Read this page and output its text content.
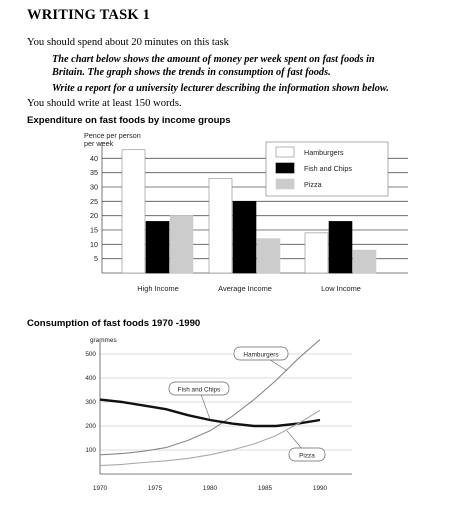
WRITING TASK 1
You should spend about 20 minutes on this task
The chart below shows the amount of money per week spent on fast foods in
Britain. The graph shows the trends in consumption of fast foods.
Write a report for a university lecturer describing the information shown below.
You should write at least 150 words.
Expenditure on fast foods by income groups
Pence per person
per week
5
10
15
20
25
30
35
40
High Income	Average Income	Low Income
Hamburgers
Fish and Chips
Pizza
Consumption of fast foods 1970 -1990
grammes
100
200
300
400
500
1970	1975	1980	1985	1990
Hamburgers
Fish and Chips
Pizza
